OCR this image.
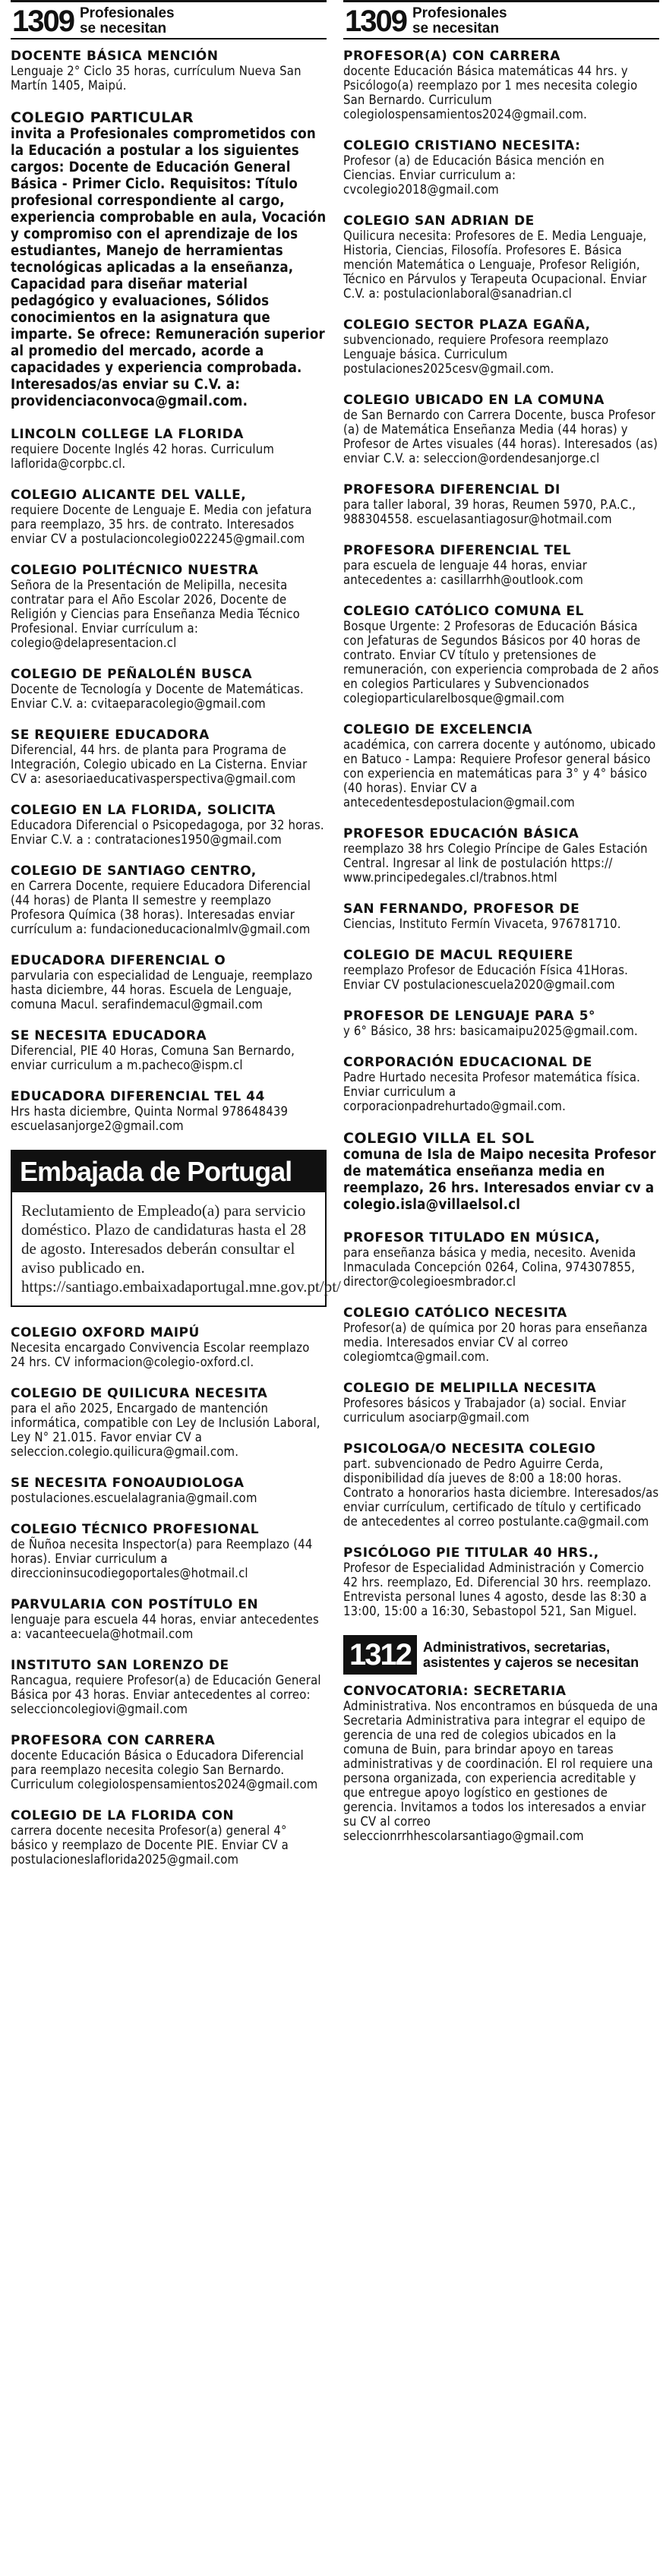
1309 Profesionales
se necesitan
DOCENTE BÁSICA MENCIÓN
Lenguaje 2° Ciclo 35 horas, currículum Nueva San Martín 1405, Maipú.
COLEGIO PARTICULAR
invita a Profesionales comprometidos con la Educación a postular a los siguientes cargos: Docente de Educación General Básica - Primer Ciclo. Requisitos: Título profesional correspondiente al cargo, experiencia comprobable en aula, Vocación y compromiso con el aprendizaje de los estudiantes, Manejo de herramientas tecnológicas aplicadas a la enseñanza, Capacidad para diseñar material pedagógico y evaluaciones, Sólidos conocimientos en la asignatura que imparte. Se ofrece: Remuneración superior al promedio del mercado, acorde a capacidades y experiencia comprobada. Interesados/as enviar su C.V. a: providenciaconvoca@gmail.com.
LINCOLN COLLEGE LA FLORIDA
requiere Docente Inglés 42 horas. Curriculum laflorida@corpbc.cl.
COLEGIO ALICANTE DEL VALLE,
requiere Docente de Lenguaje E. Media con jefatura para reemplazo, 35 hrs. de contrato. Interesados enviar CV a postulacioncolegio022245@gmail.com
COLEGIO POLITÉCNICO NUESTRA
Señora de la Presentación de Melipilla, necesita contratar para el Año Escolar 2026, Docente de Religión y Ciencias para Enseñanza Media Técnico Profesional. Enviar currículum a: colegio@delapresentacion.cl
COLEGIO DE PEÑALOLÉN BUSCA
Docente de Tecnología y Docente de Matemáticas. Enviar C.V. a: cvitaeparacolegio@gmail.com
SE REQUIERE EDUCADORA
Diferencial, 44 hrs. de planta para Programa de Integración, Colegio ubicado en La Cisterna. Enviar CV a: asesoriaeducativasperspectiva@gmail.com
COLEGIO EN LA FLORIDA, SOLICITA
Educadora Diferencial o Psicopedagoga, por 32 horas. Enviar C.V. a : contrataciones1950@gmail.com
COLEGIO DE SANTIAGO CENTRO,
en Carrera Docente, requiere Educadora Diferencial (44 horas) de Planta II semestre y reemplazo Profesora Química (38 horas). Interesadas enviar currículum a: fundacioneducacionalmlv@gmail.com
EDUCADORA DIFERENCIAL O
parvularia con especialidad de Lenguaje, reemplazo hasta diciembre, 44 horas. Escuela de Lenguaje, comuna Macul. serafindemacul@gmail.com
SE NECESITA EDUCADORA
Diferencial, PIE 40 Horas, Comuna San Bernardo, enviar curriculum a m.pacheco@ispm.cl
EDUCADORA DIFERENCIAL TEL 44
Hrs hasta diciembre, Quinta Normal 978648439 escuelasanjorge2@gmail.com
Embajada de Portugal
Reclutamiento de Empleado(a) para servicio doméstico. Plazo de candidaturas hasta el 28 de agosto. Interesados deberán consultar el aviso publicado en. https://santiago.embaixadaportugal.mne.gov.pt/pt/
COLEGIO OXFORD MAIPÚ
Necesita encargado Convivencia Escolar reemplazo 24 hrs. CV informacion@colegio-oxford.cl.
COLEGIO DE QUILICURA NECESITA
para el año 2025, Encargado de mantención informática, compatible con Ley de Inclusión Laboral, Ley N° 21.015. Favor enviar CV a seleccion.colegio.quilicura@gmail.com.
SE NECESITA FONOAUDIOLOGA
postulaciones.escuelalagrania@gmail.com
COLEGIO TÉCNICO PROFESIONAL
de Ñuñoa necesita Inspector(a) para Reemplazo (44 horas). Enviar curriculum a direccioninsucodiegoportales@hotmail.cl
PARVULARIA CON POSTÍTULO EN
lenguaje para escuela 44 horas, enviar antecedentes a: vacanteecuela@hotmail.com
INSTITUTO SAN LORENZO DE
Rancagua, requiere Profesor(a) de Educación General Básica por 43 horas. Enviar antecedentes al correo: seleccioncolegiovi@gmail.com
PROFESORA CON CARRERA
docente Educación Básica o Educadora Diferencial para reemplazo necesita colegio San Bernardo. Curriculum colegiolospensamientos2024@gmail.com
COLEGIO DE LA FLORIDA CON
carrera docente necesita Profesor(a) general 4° básico y reemplazo de Docente PIE. Enviar CV a postulacioneslaflorida2025@gmail.com
1309 Profesionales
se necesitan
PROFESOR(A) CON CARRERA
docente Educación Básica matemáticas 44 hrs. y Psicólogo(a) reemplazo por 1 mes necesita colegio San Bernardo. Curriculum colegiolospensamientos2024@gmail.com.
COLEGIO CRISTIANO NECESITA:
Profesor (a) de Educación Básica mención en Ciencias. Enviar curriculum a: cvcolegio2018@gmail.com
COLEGIO SAN ADRIAN DE
Quilicura necesita: Profesores de E. Media Lenguaje, Historia, Ciencias, Filosofía. Profesores E. Básica mención Matemática o Lenguaje, Profesor Religión, Técnico en Párvulos y Terapeuta Ocupacional. Enviar C.V. a: postulacionlaboral@sanadrian.cl
COLEGIO SECTOR PLAZA EGAÑA,
subvencionado, requiere Profesora reemplazo Lenguaje básica. Curriculum postulaciones2025cesv@gmail.com.
COLEGIO UBICADO EN LA COMUNA
de San Bernardo con Carrera Docente, busca Profesor (a) de Matemática Enseñanza Media (44 horas) y Profesor de Artes visuales (44 horas). Interesados (as) enviar C.V. a: seleccion@ordendesanjorge.cl
PROFESORA DIFERENCIAL DI
para taller laboral, 39 horas, Reumen 5970, P.A.C., 988304558. escuelasantiagosur@hotmail.com
PROFESORA DIFERENCIAL TEL
para escuela de lenguaje 44 horas, enviar antecedentes a: casillarrhh@outlook.com
COLEGIO CATÓLICO COMUNA EL
Bosque Urgente: 2 Profesoras de Educación Básica con Jefaturas de Segundos Básicos por 40 horas de contrato. Enviar CV título y pretensiones de remuneración, con experiencia comprobada de 2 años en colegios Particulares y Subvencionados colegioparticularelbosque@gmail.com
COLEGIO DE EXCELENCIA
académica, con carrera docente y autónomo, ubicado en Batuco - Lampa: Requiere Profesor general básico con experiencia en matemáticas para 3° y 4° básico (40 horas). Enviar CV a antecedentesdepostulacion@gmail.com
PROFESOR EDUCACIÓN BÁSICA
reemplazo 38 hrs Colegio Príncipe de Gales Estación Central. Ingresar al link de postulación https:// www.principedegales.cl/trabnos.html
SAN FERNANDO, PROFESOR DE
Ciencias, Instituto Fermín Vivaceta, 976781710.
COLEGIO DE MACUL REQUIERE
reemplazo Profesor de Educación Física 41Horas. Enviar CV postulacionescuela2020@gmail.com
PROFESOR DE LENGUAJE PARA 5°
y 6° Básico, 38 hrs: basicamaipu2025@gmail.com.
CORPORACIÓN EDUCACIONAL DE
Padre Hurtado necesita Profesor matemática física. Enviar curriculum a corporacionpadrehurtado@gmail.com.
COLEGIO VILLA EL SOL
comuna de Isla de Maipo necesita Profesor de matemática enseñanza media en reemplazo, 26 hrs. Interesados enviar cv a colegio.isla@villaelsol.cl
PROFESOR TITULADO EN MÚSICA,
para enseñanza básica y media, necesito. Avenida Inmaculada Concepción 0264, Colina, 974307855, director@colegioesmbrador.cl
COLEGIO CATÓLICO NECESITA
Profesor(a) de química por 20 horas para enseñanza media. Interesados enviar CV al correo colegiomtca@gmail.com.
COLEGIO DE MELIPILLA NECESITA
Profesores básicos y Trabajador (a) social. Enviar curriculum asociarp@gmail.com
PSICOLOGA/O NECESITA COLEGIO
part. subvencionado de Pedro Aguirre Cerda, disponibilidad día jueves de 8:00 a 18:00 horas. Contrato a honorarios hasta diciembre. Interesados/as enviar currículum, certificado de título y certificado de antecedentes al correo postulante.ca@gmail.com
PSICÓLOGO PIE TITULAR 40 HRS.,
Profesor de Especialidad Administración y Comercio 42 hrs. reemplazo, Ed. Diferencial 30 hrs. reemplazo. Entrevista personal lunes 4 agosto, desde las 8:30 a 13:00, 15:00 a 16:30, Sebastopol 521, San Miguel.
1312 Administrativos, secretarias,
asistentes y cajeros se necesitan
CONVOCATORIA: SECRETARIA
Administrativa. Nos encontramos en búsqueda de una Secretaria Administrativa para integrar el equipo de gerencia de una red de colegios ubicados en la comuna de Buin, para brindar apoyo en tareas administrativas y de coordinación. El rol requiere una persona organizada, con experiencia acreditable y que entregue apoyo logístico en gestiones de gerencia. Invitamos a todos los interesados a enviar su CV al correo seleccionrrhhescolarsantiago@gmail.com
